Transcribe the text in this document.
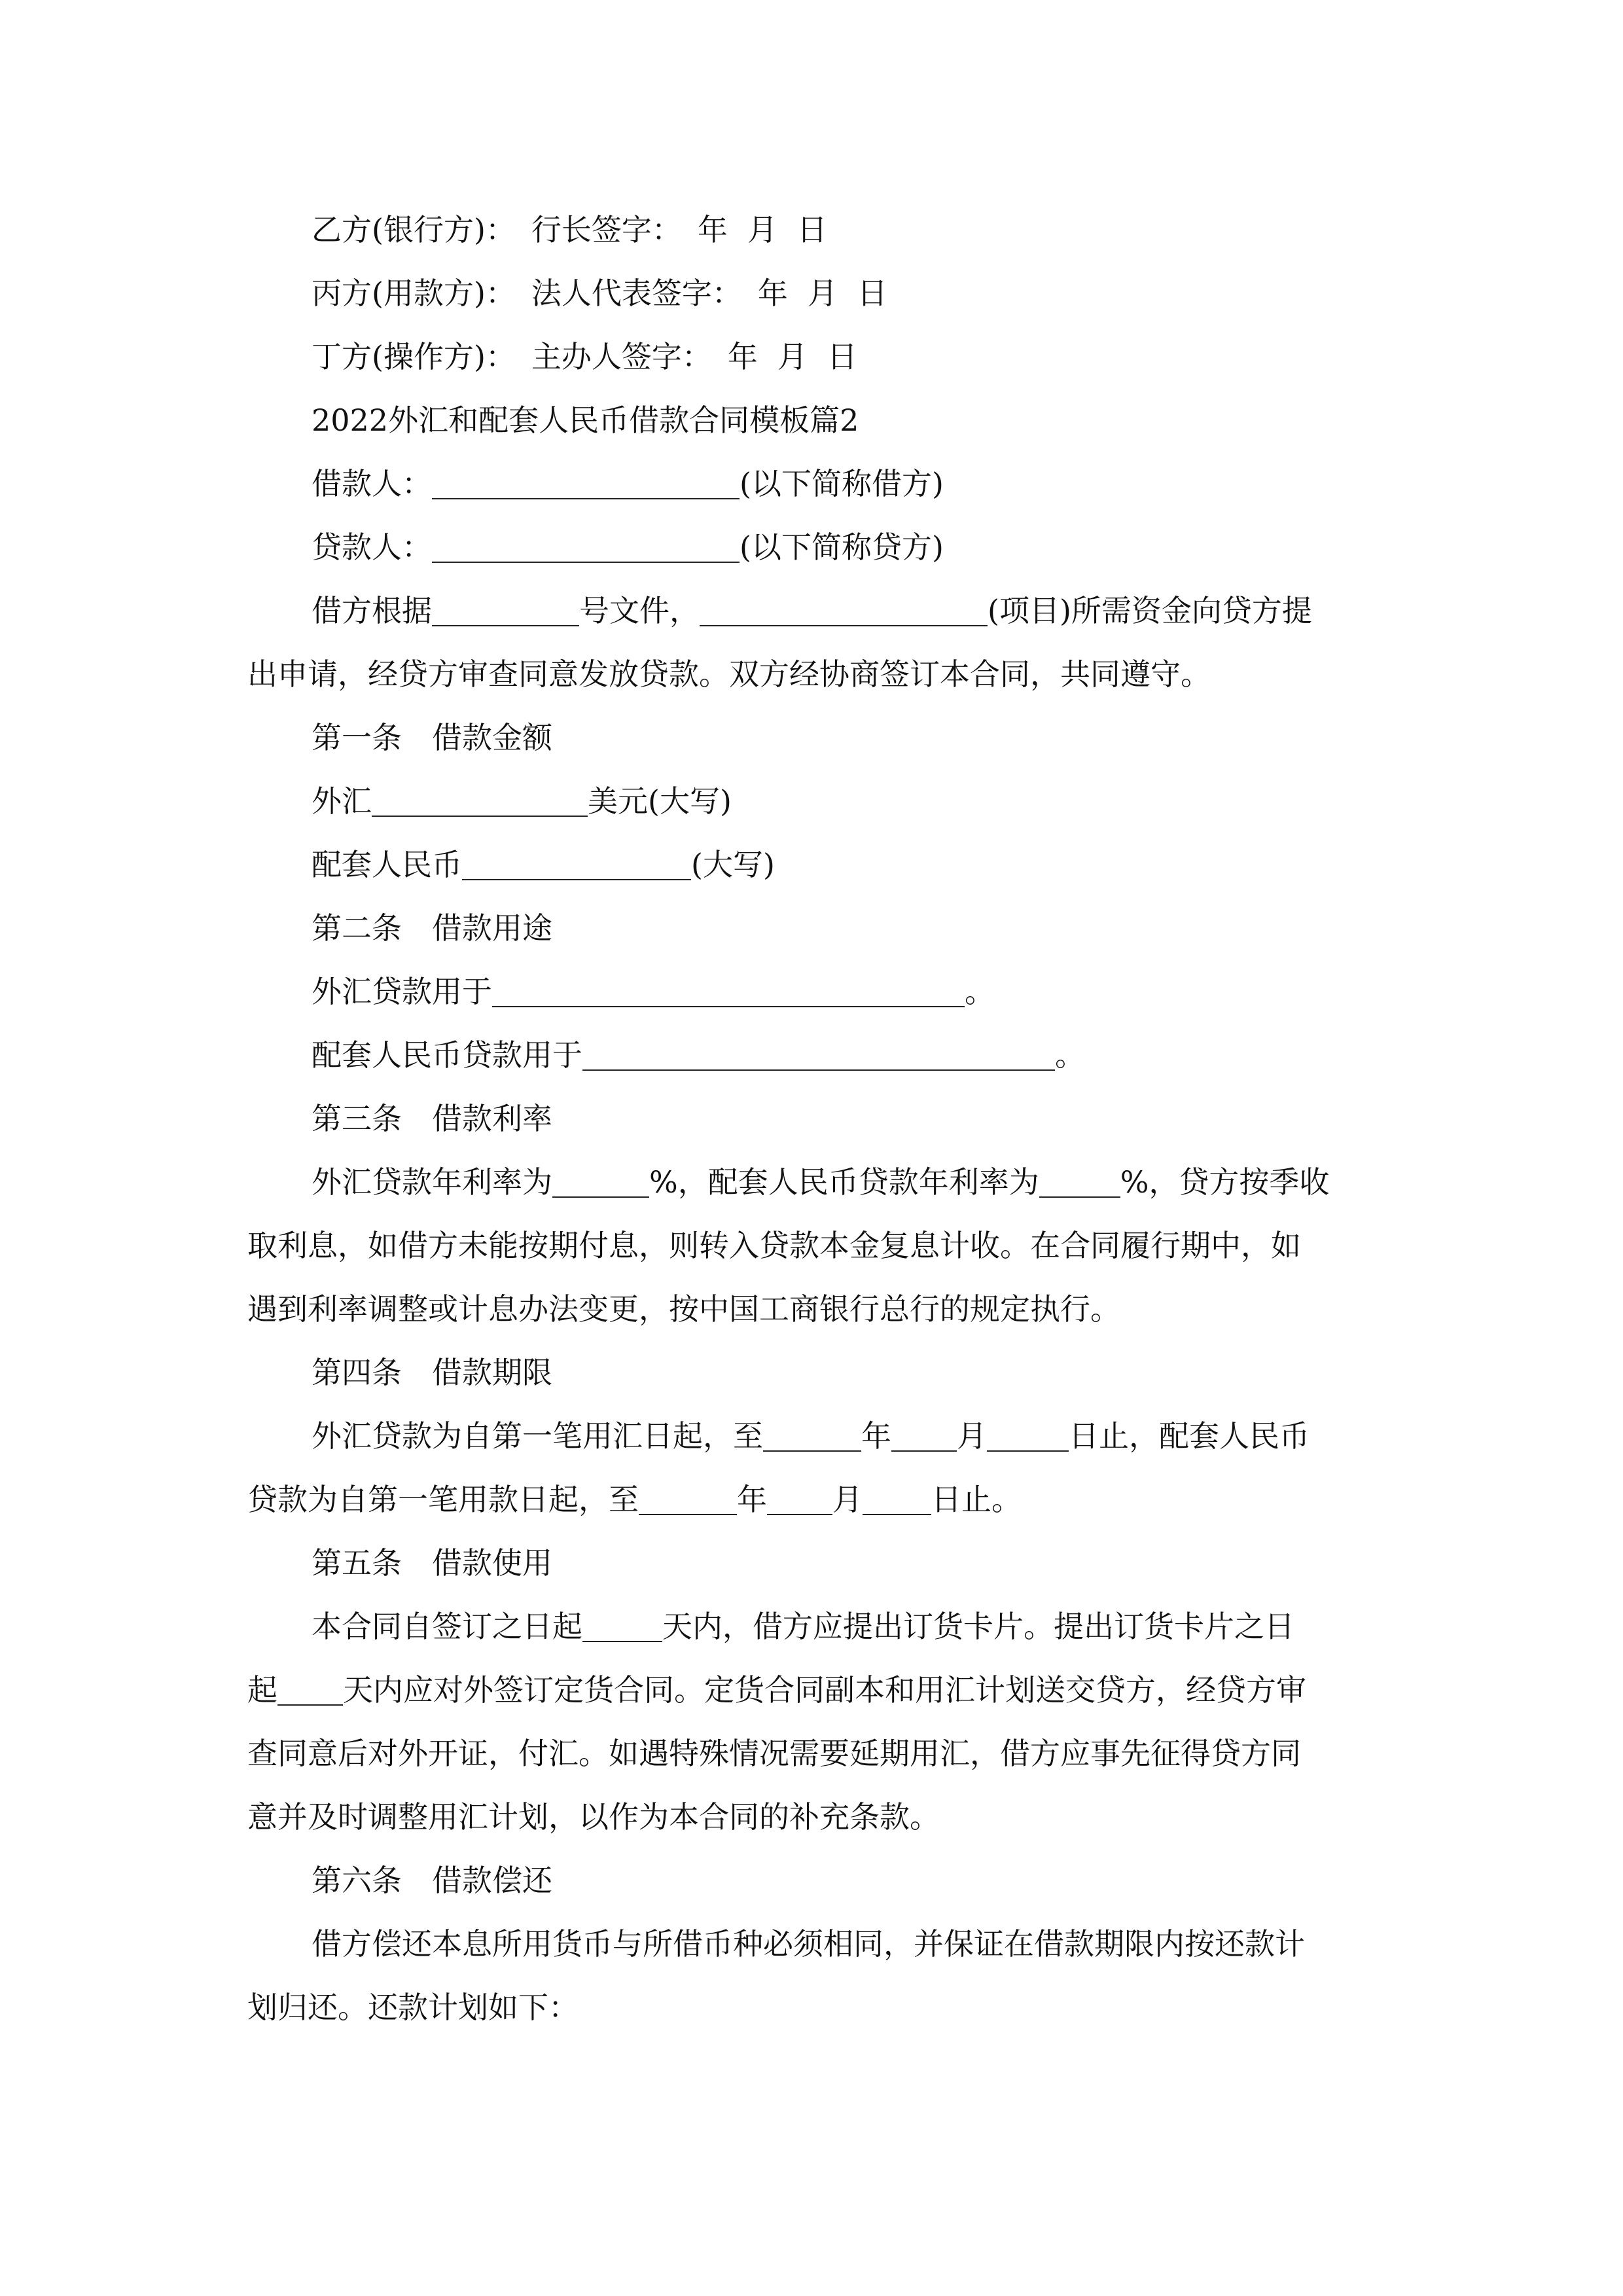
乙方(银行方)： 行长签字： 年 月 日
丙方(用款方)： 法人代表签字： 年 月 日
丁方(操作方)： 主办人签字： 年 月 日
2022外汇和配套人民币借款合同模板篇2
借款人：	(以下简称借方)
贷款人：	(以下简称贷方)
借方根据	号文件，	(项目)所需资金向贷方提
出申请，经贷方审查同意发放贷款。双方经协商签订本合同，共同遵守。
第一条　借款金额
外汇	美元(大写)
配套人民币	(大写)
第二条　借款用途
外汇贷款用于	。
配套人民币贷款用于	。
第三条　借款利率
外汇贷款年利率为	%，配套人民币贷款年利率为	%，贷方按季收
取利息，如借方未能按期付息，则转入贷款本金复息计收。在合同履行期中，如
遇到利率调整或计息办法变更，按中国工商银行总行的规定执行。
第四条　借款期限
外汇贷款为自第一笔用汇日起，至	年 月	日止，配套人民币
贷款为自第一笔用款日起，至	年 月 日止。
第五条　借款使用
本合同自签订之日起	天内，借方应提出订货卡片。提出订货卡片之日
起 天内应对外签订定货合同。定货合同副本和用汇计划送交贷方，经贷方审
查同意后对外开证，付汇。如遇特殊情况需要延期用汇，借方应事先征得贷方同
意并及时调整用汇计划，以作为本合同的补充条款。
第六条　借款偿还
借方偿还本息所用货币与所借币种必须相同，并保证在借款期限内按还款计
划归还。还款计划如下：
